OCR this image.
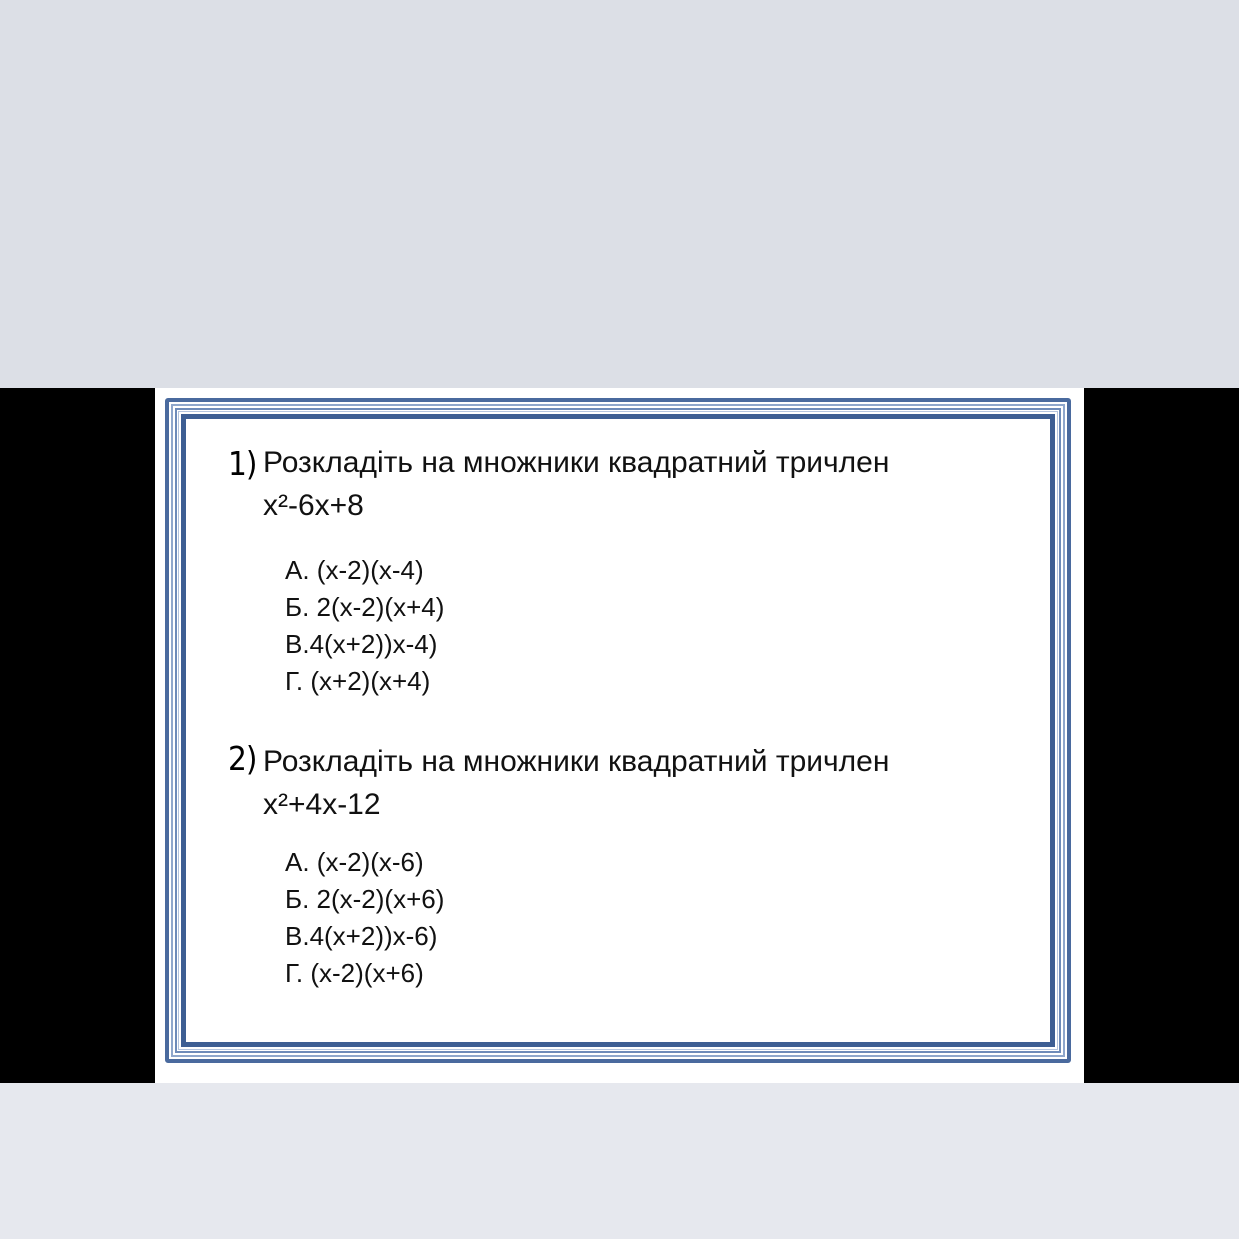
1) Розкладіть на множники квадратний тричлен
x²-6x+8
А. (x-2)(x-4)
Б. 2(x-2)(x+4)
В.4(x+2))x-4)
Г. (x+2)(x+4)
2) Розкладіть на множники квадратний тричлен
x²+4x-12
А. (x-2)(x-6)
Б. 2(x-2)(x+6)
В.4(x+2))x-6)
Г. (x-2)(x+6)
